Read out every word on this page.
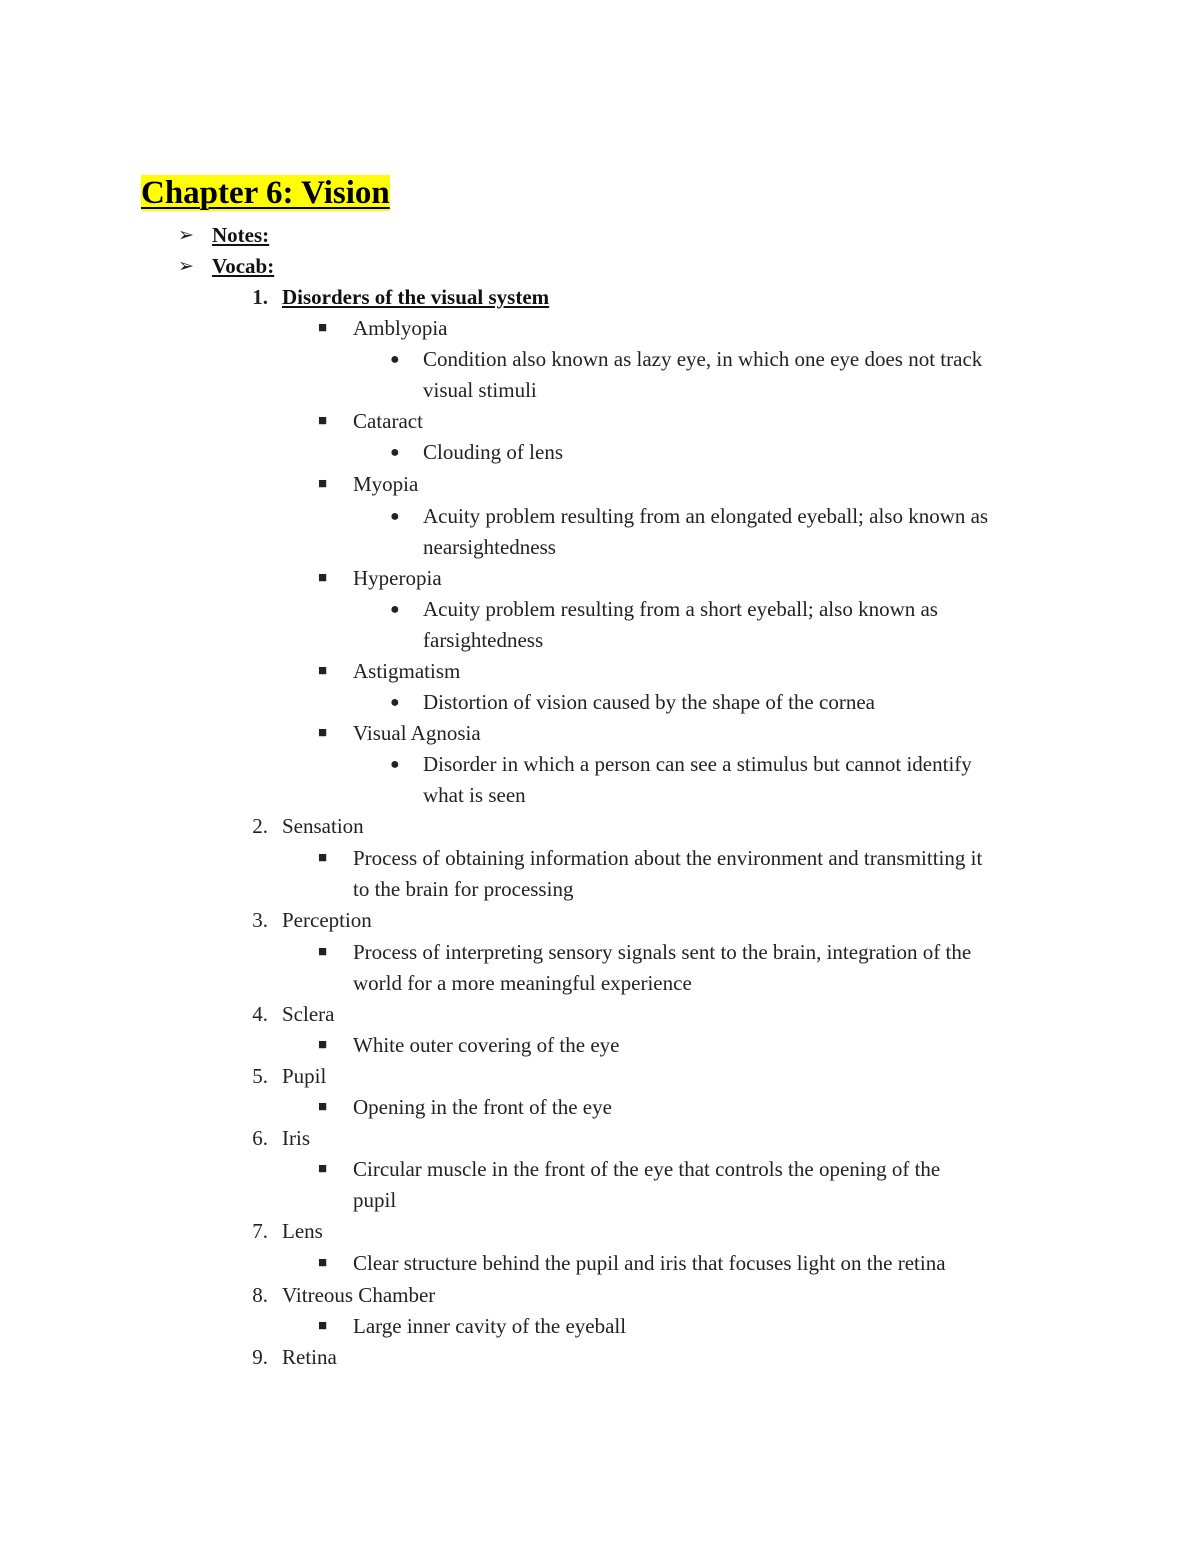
Chapter 6: Vision
➢ Notes:
➢ Vocab:
1. Disorders of the visual system
■ Amblyopia
● Condition also known as lazy eye, in which one eye does not track
visual stimuli
■ Cataract
● Clouding of lens
■ Myopia
● Acuity problem resulting from an elongated eyeball; also known as
nearsightedness
■ Hyperopia
● Acuity problem resulting from a short eyeball; also known as
farsightedness
■ Astigmatism
● Distortion of vision caused by the shape of the cornea
■ Visual Agnosia
● Disorder in which a person can see a stimulus but cannot identify
what is seen
2. Sensation
■ Process of obtaining information about the environment and transmitting it
to the brain for processing
3. Perception
■ Process of interpreting sensory signals sent to the brain, integration of the
world for a more meaningful experience
4. Sclera
■ White outer covering of the eye
5. Pupil
■ Opening in the front of the eye
6. Iris
■ Circular muscle in the front of the eye that controls the opening of the
pupil
7. Lens
■ Clear structure behind the pupil and iris that focuses light on the retina
8. Vitreous Chamber
■ Large inner cavity of the eyeball
9. Retina
